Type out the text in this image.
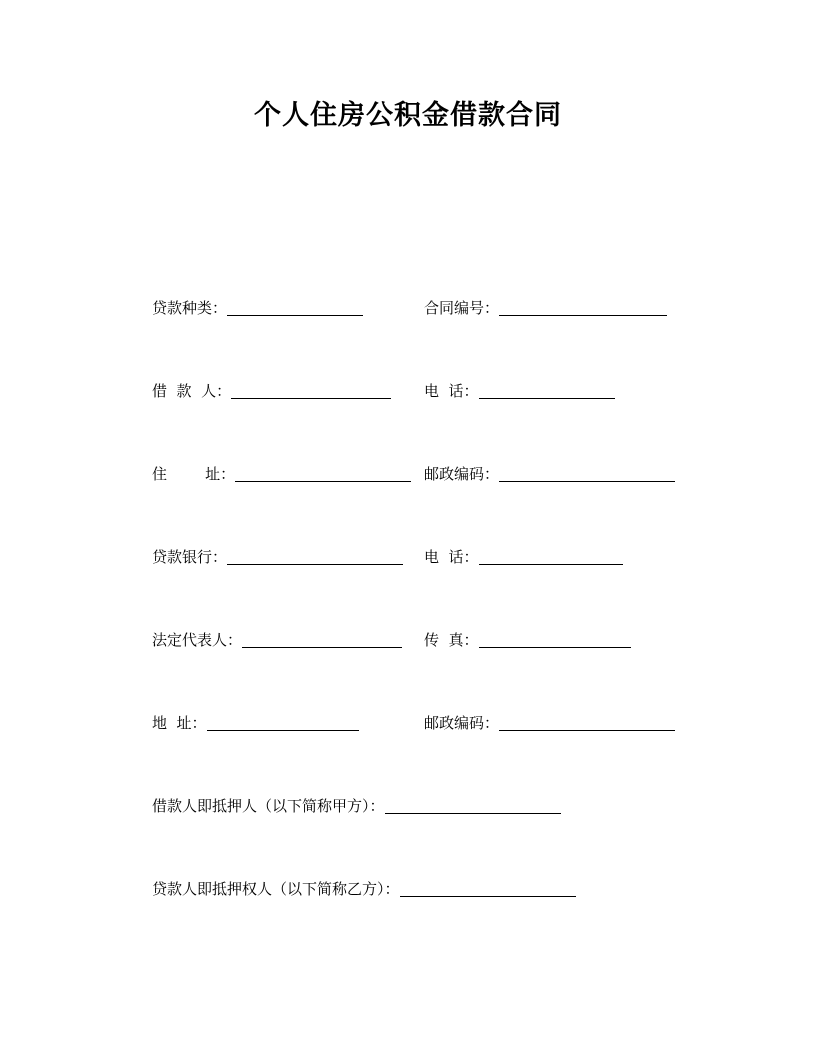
个人住房公积金借款合同
贷款种类：	合同编号：
借  款  人：	电  话：
住        址：	邮政编码：
贷款银行：	电  话：
法定代表人：	传  真：
地  址：	邮政编码：
借款人即抵押人（以下简称甲方）：
贷款人即抵押权人（以下简称乙方）：
